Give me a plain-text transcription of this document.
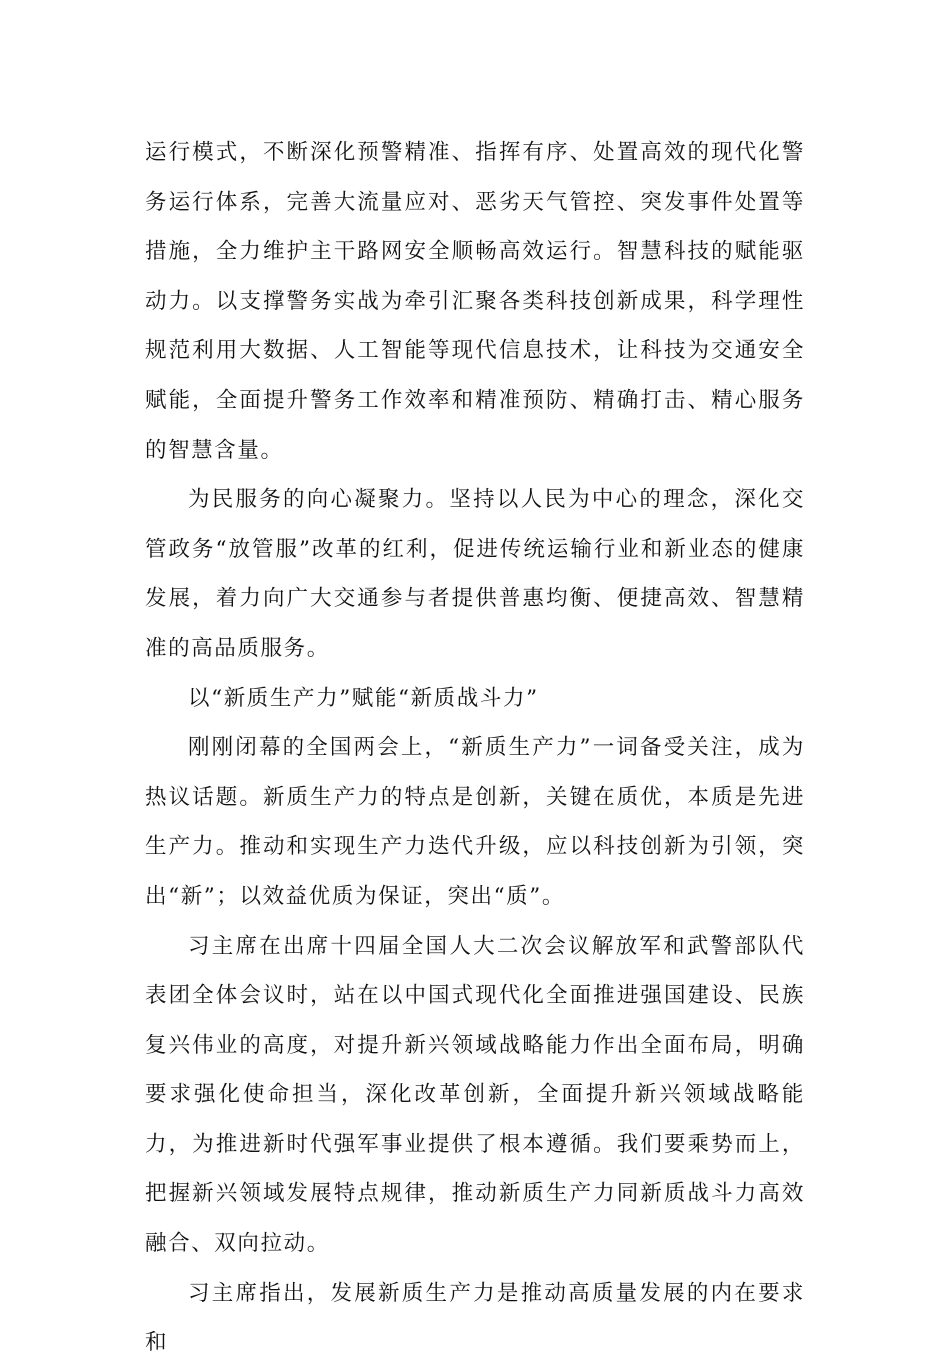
运行模式，不断深化预警精准、指挥有序、处置高效的现代化警务运行体系，完善大流量应对、恶劣天气管控、突发事件处置等措施，全力维护主干路网安全顺畅高效运行。智慧科技的赋能驱动力。以支撑警务实战为牵引汇聚各类科技创新成果，科学理性规范利用大数据、人工智能等现代信息技术，让科技为交通安全赋能，全面提升警务工作效率和精准预防、精确打击、精心服务的智慧含量。

为民服务的向心凝聚力。坚持以人民为中心的理念，深化交管政务“放管服”改革的红利，促进传统运输行业和新业态的健康发展，着力向广大交通参与者提供普惠均衡、便捷高效、智慧精准的高品质服务。

以“新质生产力”赋能“新质战斗力”

刚刚闭幕的全国两会上，“新质生产力”一词备受关注，成为热议话题。新质生产力的特点是创新，关键在质优，本质是先进生产力。推动和实现生产力迭代升级，应以科技创新为引领，突出“新”；以效益优质为保证，突出“质”。

习主席在出席十四届全国人大二次会议解放军和武警部队代表团全体会议时，站在以中国式现代化全面推进强国建设、民族复兴伟业的高度，对提升新兴领域战略能力作出全面布局，明确要求强化使命担当，深化改革创新，全面提升新兴领域战略能力，为推进新时代强军事业提供了根本遵循。我们要乘势而上，把握新兴领域发展特点规律，推动新质生产力同新质战斗力高效融合、双向拉动。

习主席指出，发展新质生产力是推动高质量发展的内在要求和
